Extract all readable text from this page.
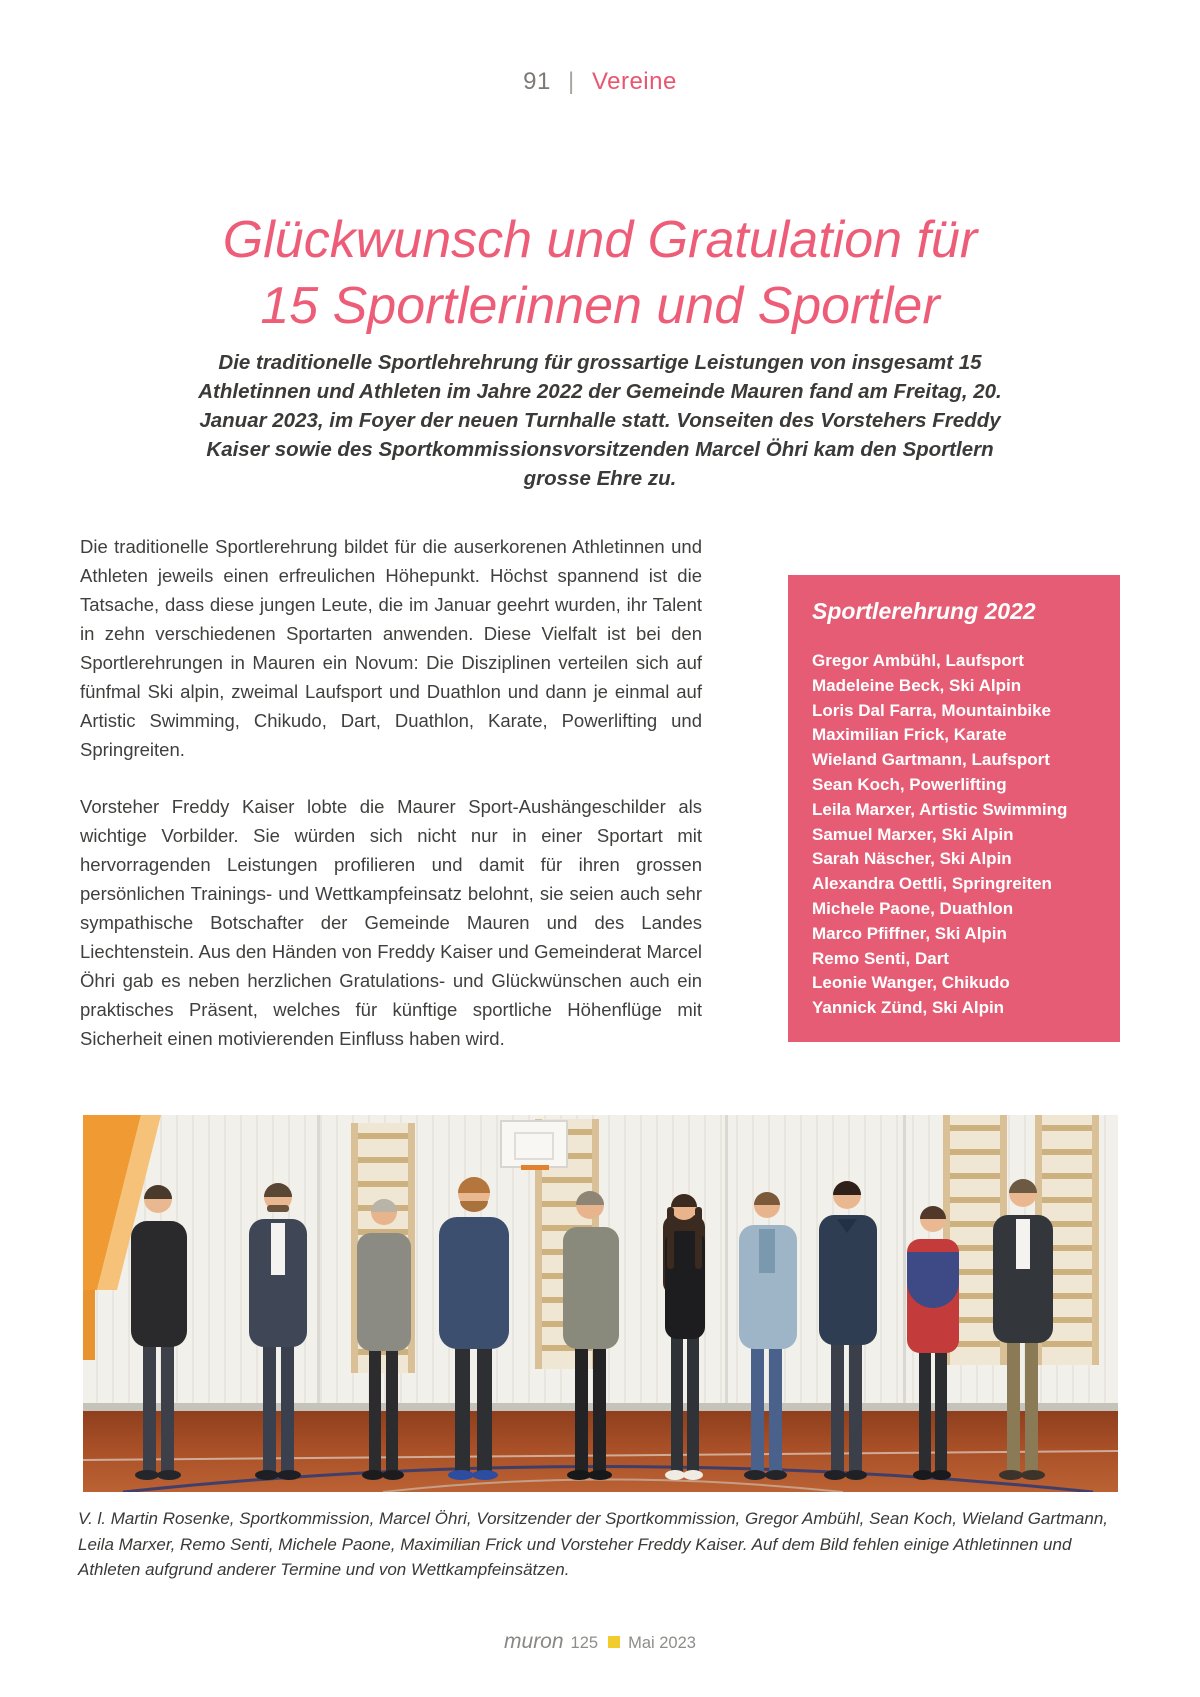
91 | Vereine
Glückwunsch und Gratulation für
15 Sportlerinnen und Sportler
Die traditionelle Sportlehrehrung für grossartige Leistungen von insgesamt 15 Athletinnen und Athleten im Jahre 2022 der Gemeinde Mauren fand am Freitag, 20. Januar 2023, im Foyer der neuen Turnhalle statt. Vonseiten des Vorstehers Freddy Kaiser sowie des Sportkommissionsvorsitzenden Marcel Öhri kam den Sportlern grosse Ehre zu.

Die traditionelle Sportlerehrung bildet für die auserkorenen Athletinnen und Athleten jeweils einen erfreulichen Höhepunkt. Höchst spannend ist die Tatsache, dass diese jungen Leute, die im Januar geehrt wurden, ihr Talent in zehn verschiedenen Sportarten anwenden. Diese Vielfalt ist bei den Sportlerehrungen in Mauren ein Novum: Die Disziplinen verteilen sich auf fünfmal Ski alpin, zweimal Laufsport und Duathlon und dann je einmal auf Artistic Swimming, Chikudo, Dart, Duathlon, Karate, Powerlifting und Springreiten.

Vorsteher Freddy Kaiser lobte die Maurer Sport-Aushängeschilder als wichtige Vorbilder. Sie würden sich nicht nur in einer Sportart mit hervorragenden Leistungen profilieren und damit für ihren grossen persönlichen Trainings- und Wettkampfeinsatz belohnt, sie seien auch sehr sympathische Botschafter der Gemeinde Mauren und des Landes Liechtenstein. Aus den Händen von Freddy Kaiser und Gemeinderat Marcel Öhri gab es neben herzlichen Gratulations- und Glückwünschen auch ein praktisches Präsent, welches für künftige sportliche Höhenflüge mit Sicherheit einen motivierenden Einfluss haben wird.

Sportlerehrung 2022
Gregor Ambühl, Laufsport
Madeleine Beck, Ski Alpin
Loris Dal Farra, Mountainbike
Maximilian Frick, Karate
Wieland Gartmann, Laufsport
Sean Koch, Powerlifting
Leila Marxer, Artistic Swimming
Samuel Marxer, Ski Alpin
Sarah Näscher, Ski Alpin
Alexandra Oettli, Springreiten
Michele Paone, Duathlon
Marco Pfiffner, Ski Alpin
Remo Senti, Dart
Leonie Wanger, Chikudo
Yannick Zünd, Ski Alpin
V. l. Martin Rosenke, Sportkommission, Marcel Öhri, Vorsitzender der Sportkommission, Gregor Ambühl, Sean Koch, Wieland Gartmann, Leila Marxer, Remo Senti, Michele Paone, Maximilian Frick und Vorsteher Freddy Kaiser. Auf dem Bild fehlen einige Athletinnen und Athleten aufgrund anderer Termine und von Wettkampfeinsätzen.
muron 125 Mai 2023
